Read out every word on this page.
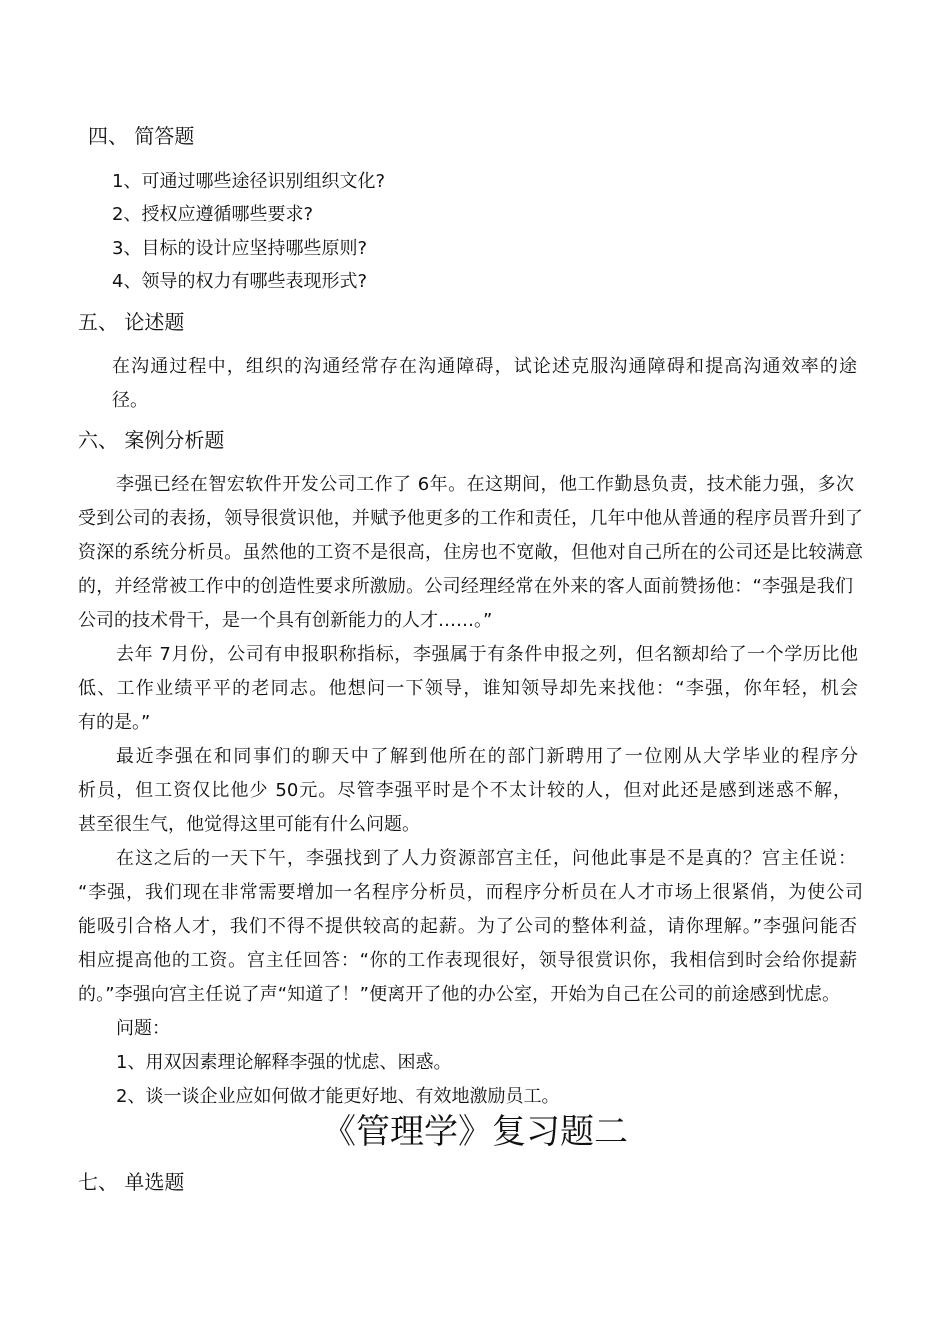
四、 简答题
1、可通过哪些途径识别组织文化?
2、授权应遵循哪些要求?
3、目标的设计应坚持哪些原则?
4、领导的权力有哪些表现形式?
五、 论述题
在沟通过程中，组织的沟通经常存在沟通障碍，试论述克服沟通障碍和提高沟通效率的途
径。
六、 案例分析题
李强已经在智宏软件开发公司工作了 6年。在这期间，他工作勤恳负责，技术能力强，多次
受到公司的表扬，领导很赏识他，并赋予他更多的工作和责任，几年中他从普通的程序员晋升到了
资深的系统分析员。虽然他的工资不是很高，住房也不宽敞，但他对自己所在的公司还是比较满意
的，并经常被工作中的创造性要求所激励。公司经理经常在外来的客人面前赞扬他：“李强是我们
公司的技术骨干，是一个具有创新能力的人才……。”
去年 7月份，公司有申报职称指标，李强属于有条件申报之列，但名额却给了一个学历比他
低、工作业绩平平的老同志。他想问一下领导，谁知领导却先来找他：“李强，你年轻，机会
有的是。”
最近李强在和同事们的聊天中了解到他所在的部门新聘用了一位刚从大学毕业的程序分
析员，但工资仅比他少 50元。尽管李强平时是个不太计较的人，但对此还是感到迷惑不解，
甚至很生气，他觉得这里可能有什么问题。
在这之后的一天下午，李强找到了人力资源部宫主任，问他此事是不是真的？宫主任说：
“李强，我们现在非常需要增加一名程序分析员，而程序分析员在人才市场上很紧俏，为使公司
能吸引合格人才，我们不得不提供较高的起薪。为了公司的整体利益，请你理解。”李强问能否
相应提高他的工资。宫主任回答：“你的工作表现很好，领导很赏识你，我相信到时会给你提薪
的。”李强向宫主任说了声“知道了！”便离开了他的办公室，开始为自己在公司的前途感到忧虑。
问题：
1、用双因素理论解释李强的忧虑、困惑。
2、谈一谈企业应如何做才能更好地、有效地激励员工。
《管理学》复习题二
七、 单选题
